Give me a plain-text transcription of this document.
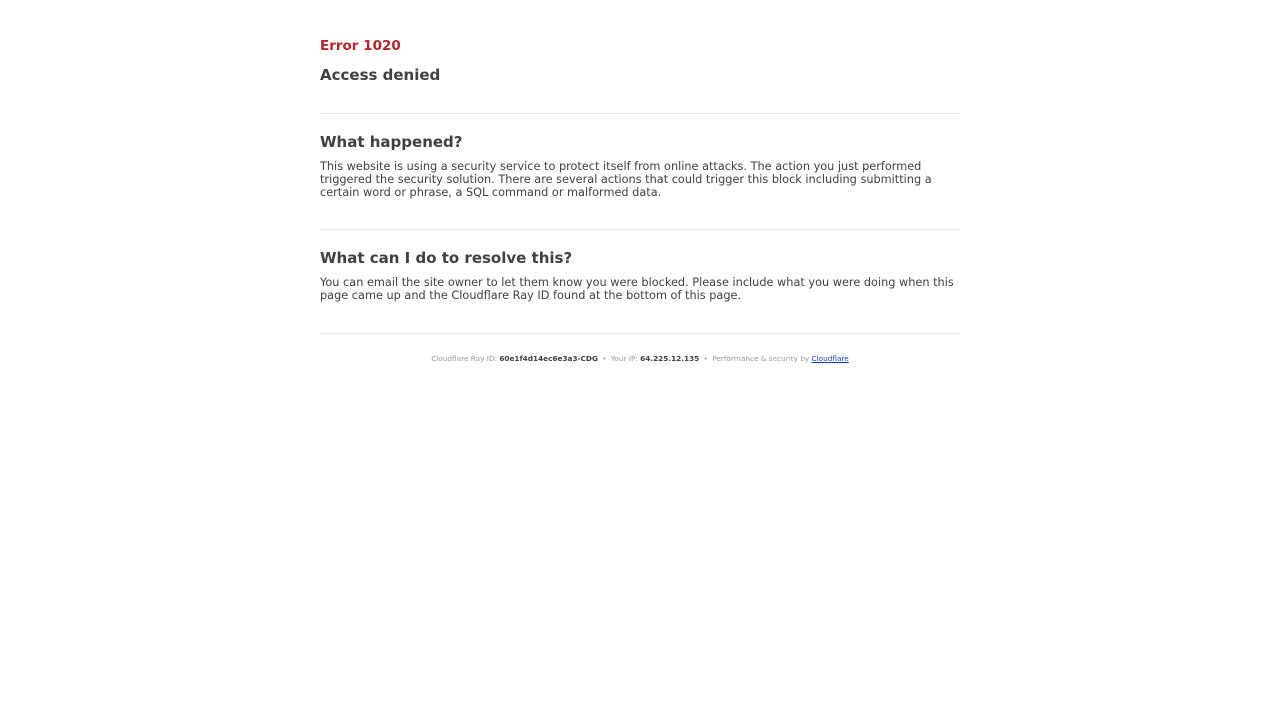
Error 1020
Access denied
What happened?

This website is using a security service to protect itself from online attacks. The action you just performed triggered the security solution. There are several actions that could trigger this block including submitting a certain word or phrase, a SQL command or malformed data.

What can I do to resolve this?

You can email the site owner to let them know you were blocked. Please include what you were doing when this page came up and the Cloudflare Ray ID found at the bottom of this page.

Cloudflare Ray ID: 60e1f4d14ec6e3a3-CDG • Your IP: 64.225.12.135 • Performance & security by Cloudflare
